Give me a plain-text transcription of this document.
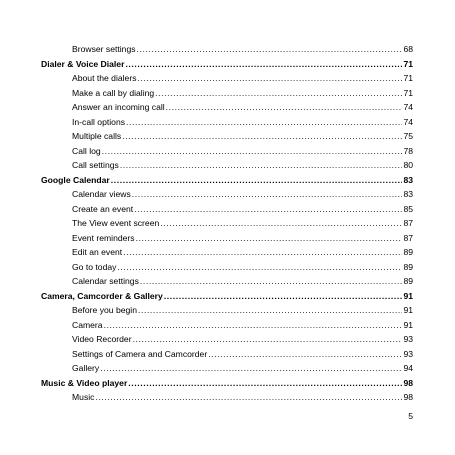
Browser settings .....	68
Dialer & Voice Dialer .....	71
About the dialers .....	71
Make a call by dialing .....	71
Answer an incoming call .....	74
In-call options .....	74
Multiple calls .....	75
Call log .....	78
Call settings .....	80
Google Calendar .....	83
Calendar views .....	83
Create an event .....	85
The View event screen .....	87
Event reminders .....	87
Edit an event .....	89
Go to today .....	89
Calendar settings .....	89
Camera, Camcorder & Gallery .....	91
Before you begin .....	91
Camera .....	91
Video Recorder .....	93
Settings of Camera and Camcorder .....	93
Gallery .....	94
Music & Video player .....	98
Music .....	98
5
